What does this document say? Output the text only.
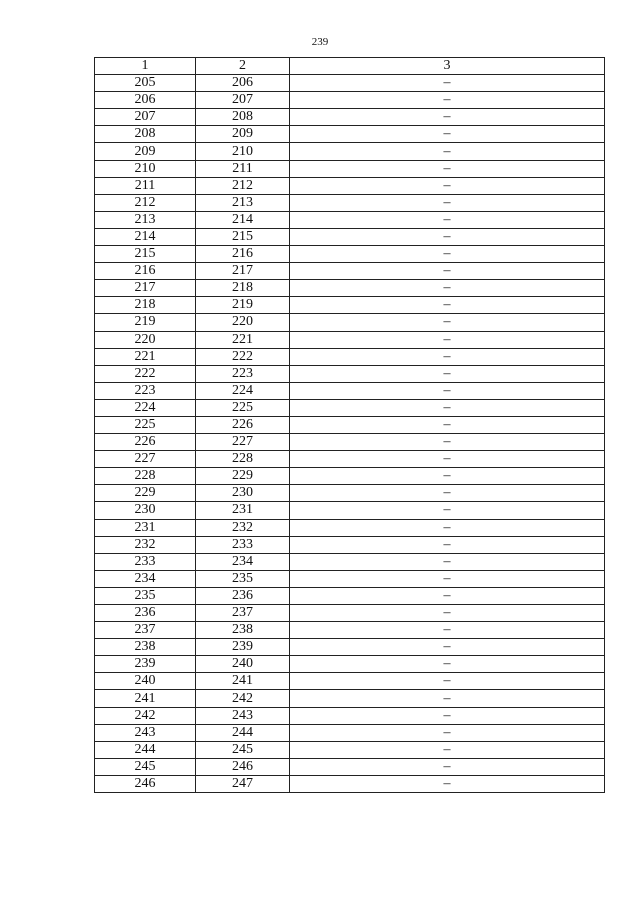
239
1	2	3
205	206	–
206	207	–
207	208	–
208	209	–
209	210	–
210	211	–
211	212	–
212	213	–
213	214	–
214	215	–
215	216	–
216	217	–
217	218	–
218	219	–
219	220	–
220	221	–
221	222	–
222	223	–
223	224	–
224	225	–
225	226	–
226	227	–
227	228	–
228	229	–
229	230	–
230	231	–
231	232	–
232	233	–
233	234	–
234	235	–
235	236	–
236	237	–
237	238	–
238	239	–
239	240	–
240	241	–
241	242	–
242	243	–
243	244	–
244	245	–
245	246	–
246	247	–
